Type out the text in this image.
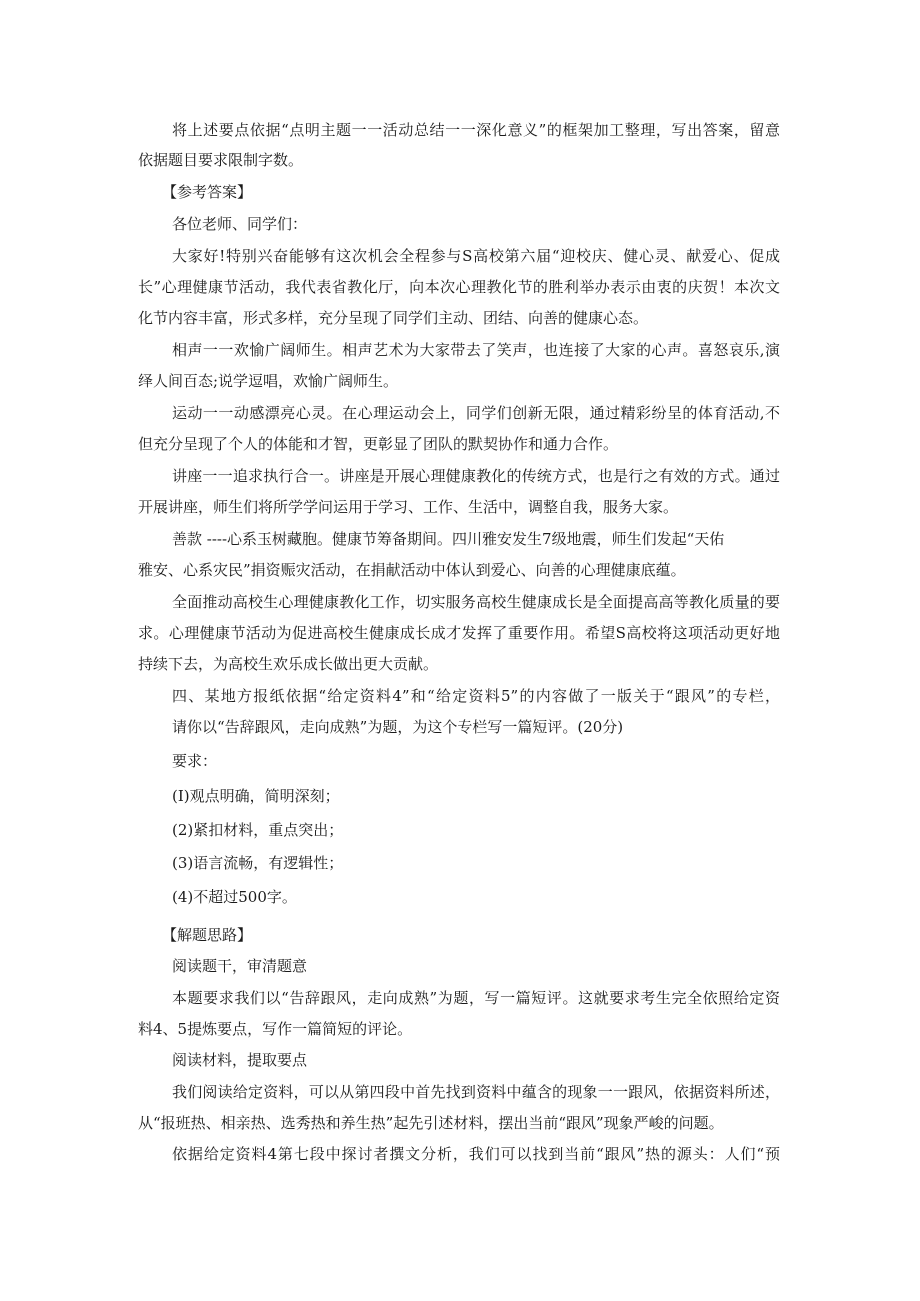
将上述要点依据“点明主题一一活动总结一一深化意义”的框架加工整理，写出答案，留意
依据题目要求限制字数。
【参考答案】
各位老师、同学们：
大家好!特别兴奋能够有这次机会全程参与S高校第六届“迎校庆、健心灵、献爱心、促成
长”心理健康节活动，我代表省教化厅，向本次心理教化节的胜利举办表示由衷的庆贺！本次文
化节内容丰富，形式多样，充分呈现了同学们主动、团结、向善的健康心态。
相声一一欢愉广阔师生。相声艺术为大家带去了笑声，也连接了大家的心声。喜怒哀乐,演
绎人间百态;说学逗唱，欢愉广阔师生。
运动一一动感漂亮心灵。在心理运动会上，同学们创新无限，通过精彩纷呈的体育活动,不
但充分呈现了个人的体能和才智，更彰显了团队的默契协作和通力合作。
讲座一一追求执行合一。讲座是开展心理健康教化的传统方式，也是行之有效的方式。通过
开展讲座，师生们将所学学问运用于学习、工作、生活中，调整自我，服务大家。
善款 ----心系玉树藏胞。健康节筹备期间。四川雅安发生7级地震，师生们发起“天佑
雅安、心系灾民”捐资赈灾活动，在捐献活动中体认到爱心、向善的心理健康底蕴。
全面推动高校生心理健康教化工作，切实服务高校生健康成长是全面提高高等教化质量的要
求。心理健康节活动为促进高校生健康成长成才发挥了重要作用。希望S高校将这项活动更好地
持续下去，为高校生欢乐成长做出更大贡献。
四、某地方报纸依据“给定资料4”和“给定资料5”的内容做了一版关于“跟风”的专栏，
请你以“告辞跟风，走向成熟”为题，为这个专栏写一篇短评。(20分)
要求：
(I)观点明确，简明深刻；
(2)紧扣材料，重点突出；
(3)语言流畅，有逻辑性；
(4)不超过500字。
【解题思路】
阅读题干，审清题意
本题要求我们以“告辞跟风，走向成熟”为题，写一篇短评。这就要求考生完全依照给定资
料4、5提炼要点，写作一篇简短的评论。
阅读材料，提取要点
我们阅读给定资料，可以从第四段中首先找到资料中蕴含的现象一一跟风，依据资料所述，
从“报班热、相亲热、选秀热和养生热”起先引述材料，摆出当前“跟风”现象严峻的问题。
依据给定资料4第七段中探讨者撰文分析，我们可以找到当前“跟风”热的源头：人们“预
